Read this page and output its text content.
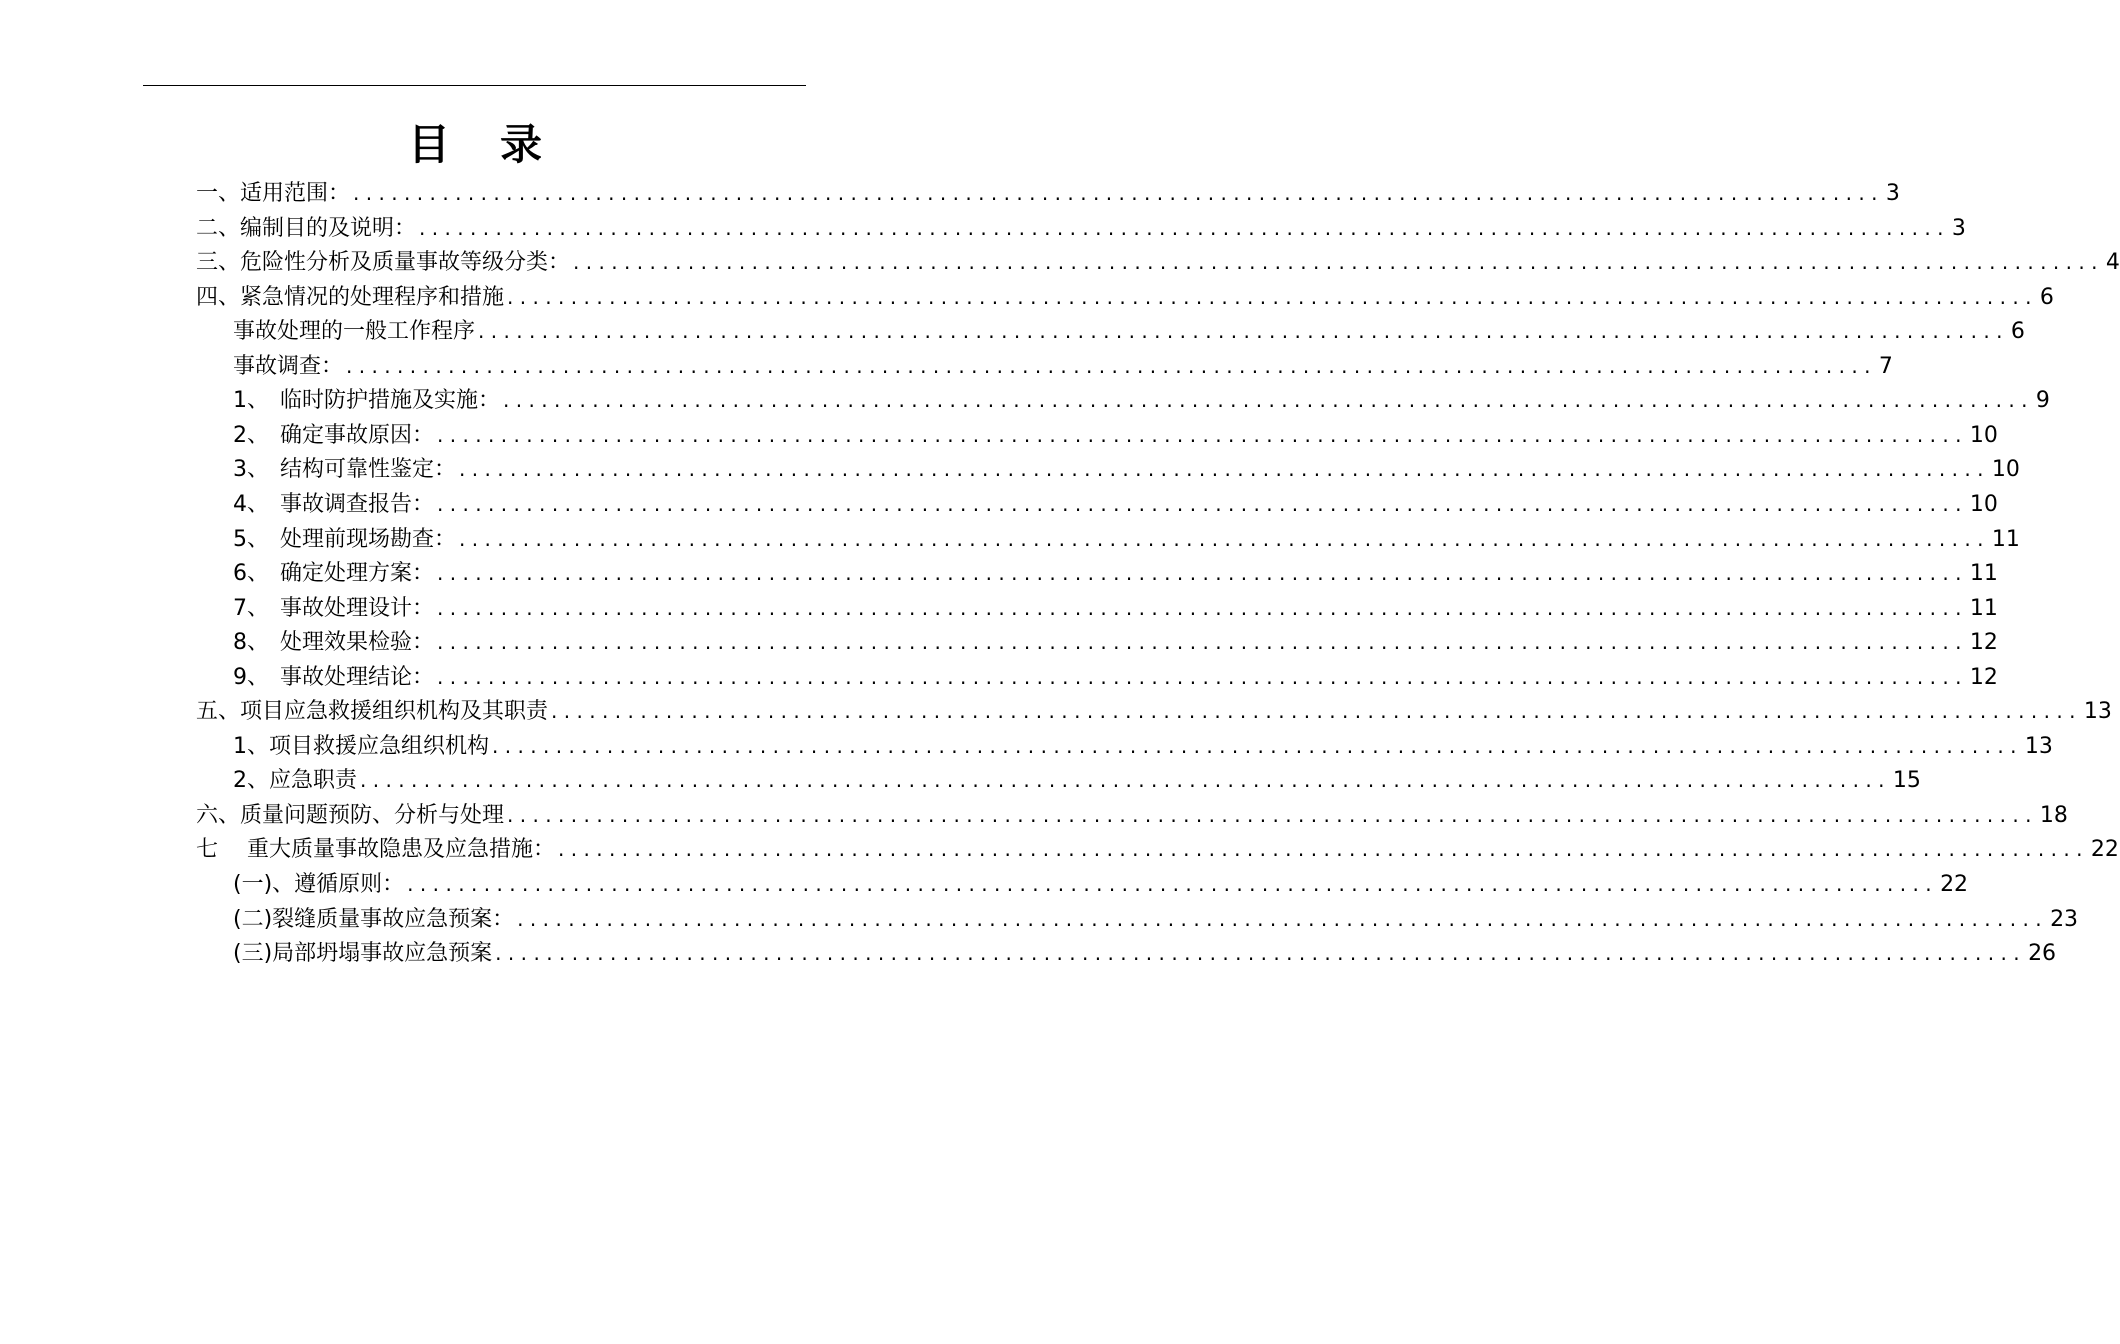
目 录
一、适用范围： ........................................................................................................................ 3
二、编制目的及说明： ........................................................................................................................ 3
三、危险性分析及质量事故等级分类： ........................................................................................................................ 4
四、紧急情况的处理程序和措施 ........................................................................................................................ 6
事故处理的一般工作程序 ........................................................................................................................ 6
事故调查： ........................................................................................................................ 7
1、　临时防护措施及实施： ........................................................................................................................ 9
2、　确定事故原因： ........................................................................................................................ 10
3、　结构可靠性鉴定： ........................................................................................................................ 10
4、　事故调查报告： ........................................................................................................................ 10
5、　处理前现场勘查： ........................................................................................................................ 11
6、　确定处理方案： ........................................................................................................................ 11
7、　事故处理设计： ........................................................................................................................ 11
8、　处理效果检验： ........................................................................................................................ 12
9、　事故处理结论： ........................................................................................................................ 12
五、项目应急救援组织机构及其职责 ........................................................................................................................ 13
1、项目救援应急组织机构 ........................................................................................................................ 13
2、应急职责 ........................................................................................................................ 15
六、质量问题预防、分析与处理 ........................................................................................................................ 18
七　 重大质量事故隐患及应急措施： ........................................................................................................................ 22
(一)、遵循原则： ........................................................................................................................ 22
(二)裂缝质量事故应急预案： ........................................................................................................................ 23
(三)局部坍塌事故应急预案 ........................................................................................................................ 26
